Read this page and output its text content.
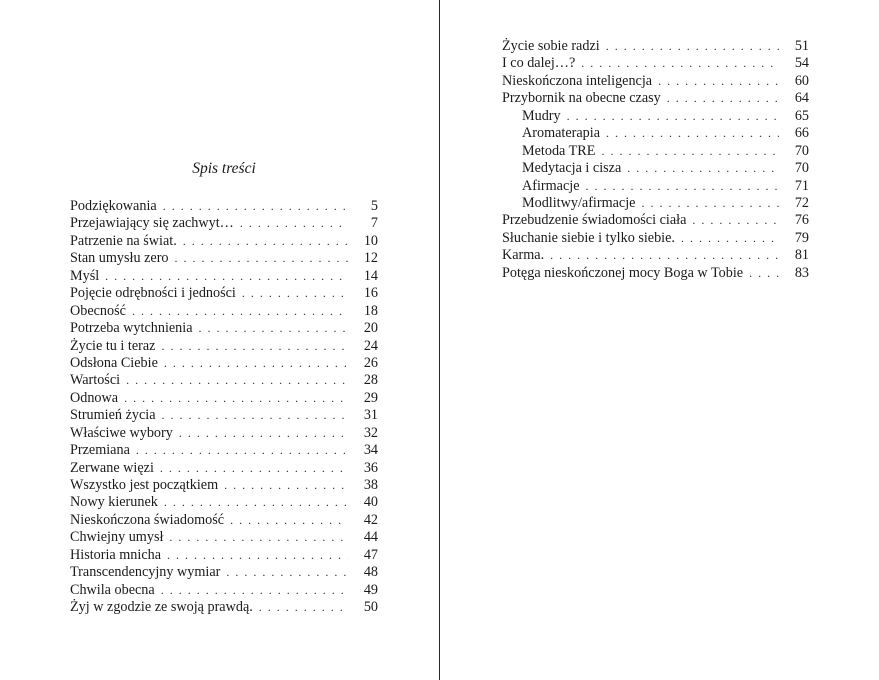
Spis treści
Podziękowania . . .	5
Przejawiający się zachwyt… . . .	7
Patrzenie na świat. . . .	10
Stan umysłu zero . . .	12
Myśl . . .	14
Pojęcie odrębności i jedności . . .	16
Obecność . . .	18
Potrzeba wytchnienia . . .	20
Życie tu i teraz . . .	24
Odsłona Ciebie . . .	26
Wartości . . .	28
Odnowa . . .	29
Strumień życia . . .	31
Właściwe wybory . . .	32
Przemiana . . .	34
Zerwane więzi . . .	36
Wszystko jest początkiem . . .	38
Nowy kierunek . . .	40
Nieskończona świadomość . . .	42
Chwiejny umysł . . .	44
Historia mnicha . . .	47
Transcendencyjny wymiar . . .	48
Chwila obecna . . .	49
Żyj w zgodzie ze swoją prawdą. . . .	50
Życie sobie radzi . . .	51
I co dalej…? . . .	54
Nieskończona inteligencja . . .	60
Przybornik na obecne czasy . . .	64
Mudry . . .	65
Aromaterapia . . .	66
Metoda TRE . . .	70
Medytacja i cisza . . .	70
Afirmacje . . .	71
Modlitwy/afirmacje . . .	72
Przebudzenie świadomości ciała . . .	76
Słuchanie siebie i tylko siebie. . . .	79
Karma. . . .	81
Potęga nieskończonej mocy Boga w Tobie . . .	83
